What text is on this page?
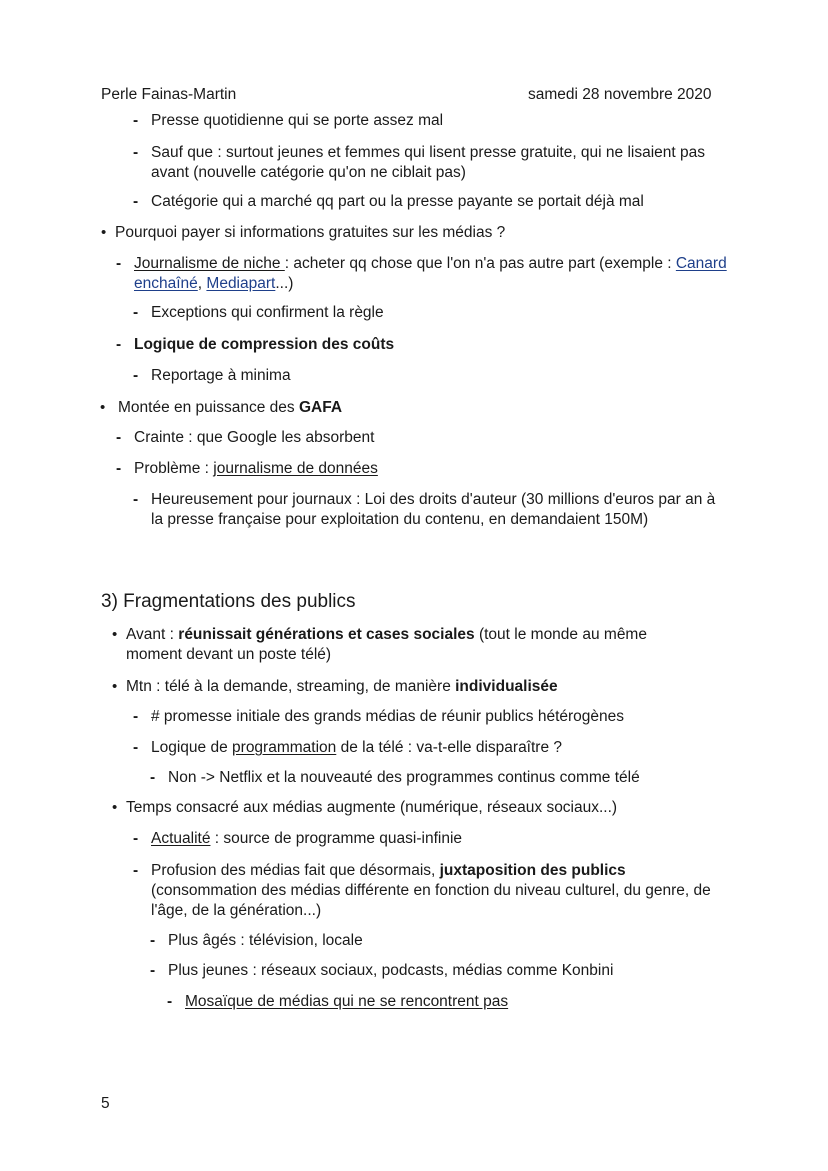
Perle Fainas-Martin	samedi 28 novembre 2020
- Presse quotidienne qui se porte assez mal
- Sauf que : surtout jeunes et femmes qui lisent presse gratuite, qui ne lisaient pas avant (nouvelle catégorie qu'on ne ciblait pas)
- Catégorie qui a marché qq part ou la presse payante se portait déjà mal
• Pourquoi payer si informations gratuites sur les médias ?
- Journalisme de niche : acheter qq chose que l'on n'a pas autre part (exemple : Canard enchaîné, Mediapart...)
- Exceptions qui confirment la règle
- Logique de compression des coûts
- Reportage à minima
• Montée en puissance des GAFA
- Crainte : que Google les absorbent
- Problème : journalisme de données
- Heureusement pour journaux : Loi des droits d'auteur (30 millions d'euros par an à la presse française pour exploitation du contenu, en demandaient 150M)
3) Fragmentations des publics
• Avant : réunissait générations et cases sociales (tout le monde au même moment devant un poste télé)
• Mtn : télé à la demande, streaming, de manière individualisée
- # promesse initiale des grands médias de réunir publics hétérogènes
- Logique de programmation de la télé : va-t-elle disparaître ?
- Non -> Netflix et la nouveauté des programmes continus comme télé
• Temps consacré aux médias augmente (numérique, réseaux sociaux...)
- Actualité : source de programme quasi-infinie
- Profusion des médias fait que désormais, juxtaposition des publics (consommation des médias différente en fonction du niveau culturel, du genre, de l'âge, de la génération...)
- Plus âgés : télévision, locale
- Plus jeunes : réseaux sociaux, podcasts, médias comme Konbini
- Mosaïque de médias qui ne se rencontrent pas
5
